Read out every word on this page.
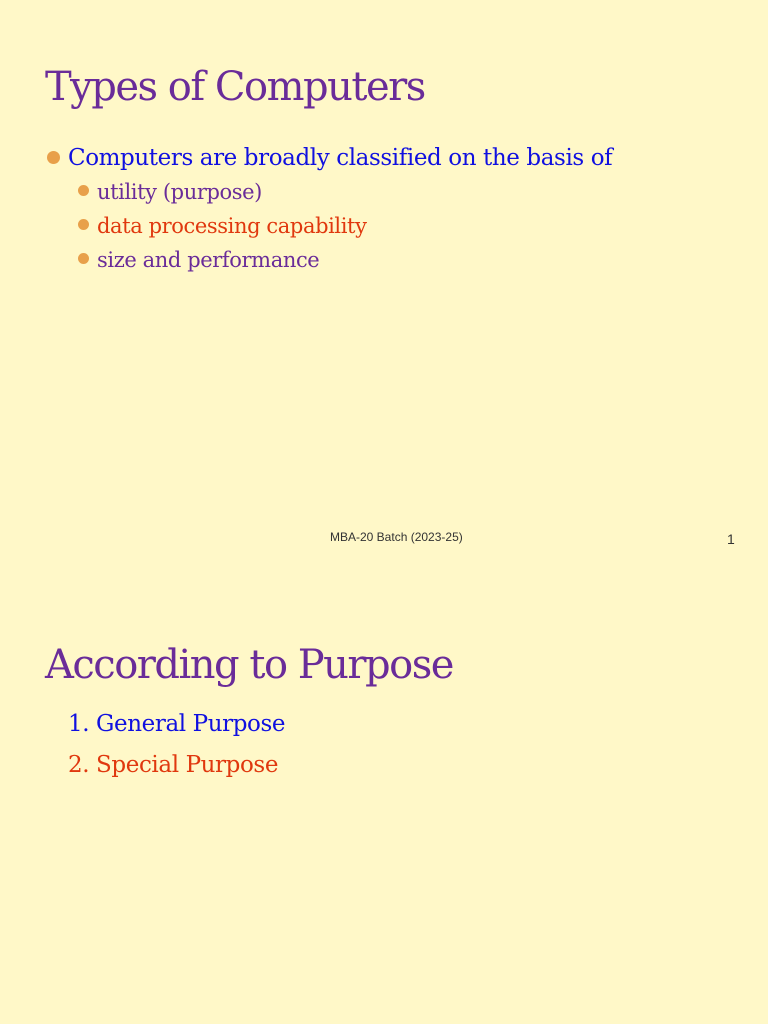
Types of Computers
Computers are broadly classified on the basis of
utility (purpose)
data processing capability
size and performance
MBA-20 Batch (2023-25)	1
According to Purpose
1. General Purpose
2. Special Purpose
